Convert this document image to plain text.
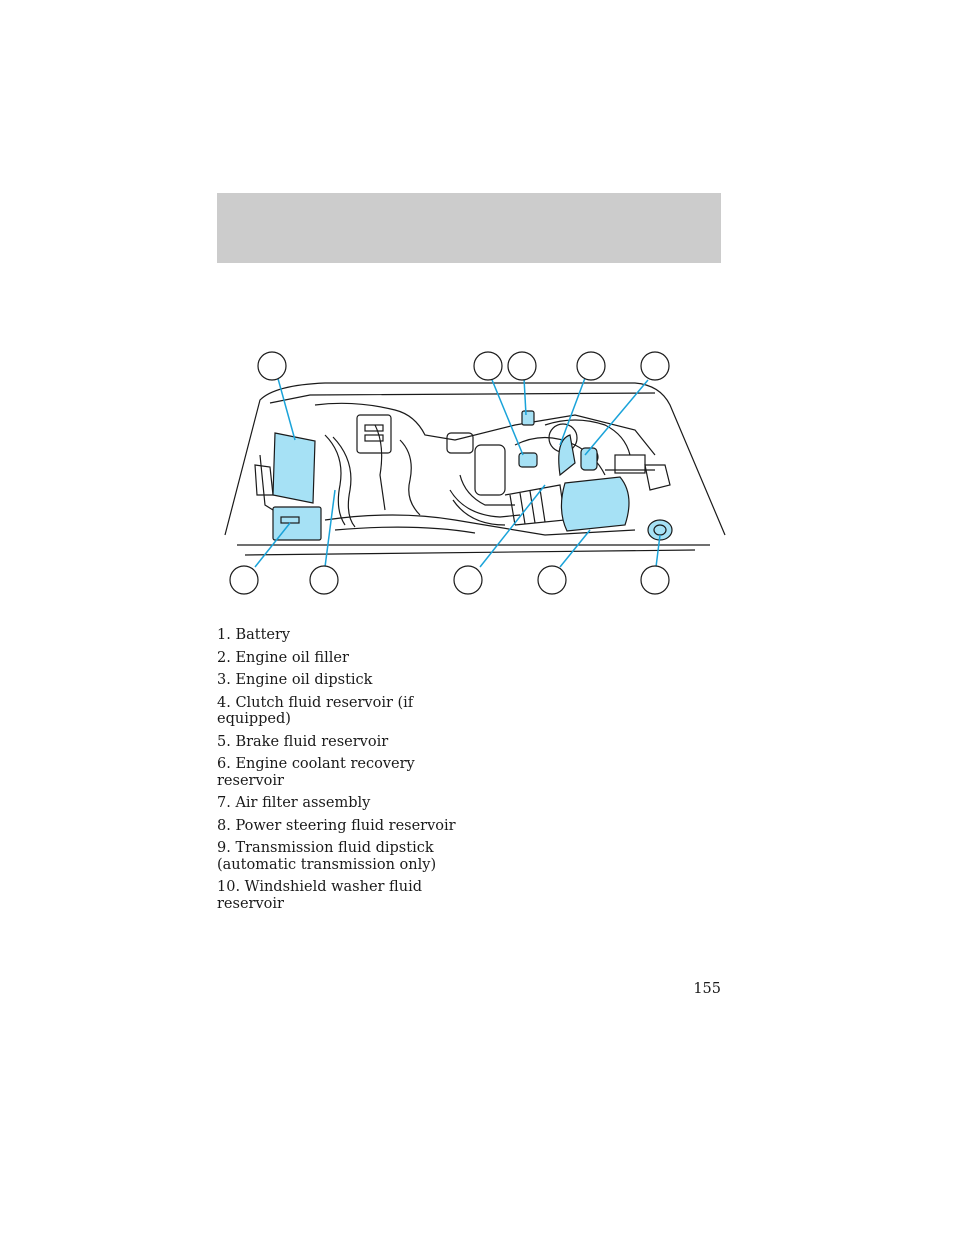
1. Battery
2. Engine oil filler
3. Engine oil dipstick
4. Clutch fluid reservoir (if equipped)
5. Brake fluid reservoir
6. Engine coolant recovery reservoir
7. Air filter assembly
8. Power steering fluid reservoir
9. Transmission fluid dipstick (automatic transmission only)
10. Windshield washer fluid reservoir
155
